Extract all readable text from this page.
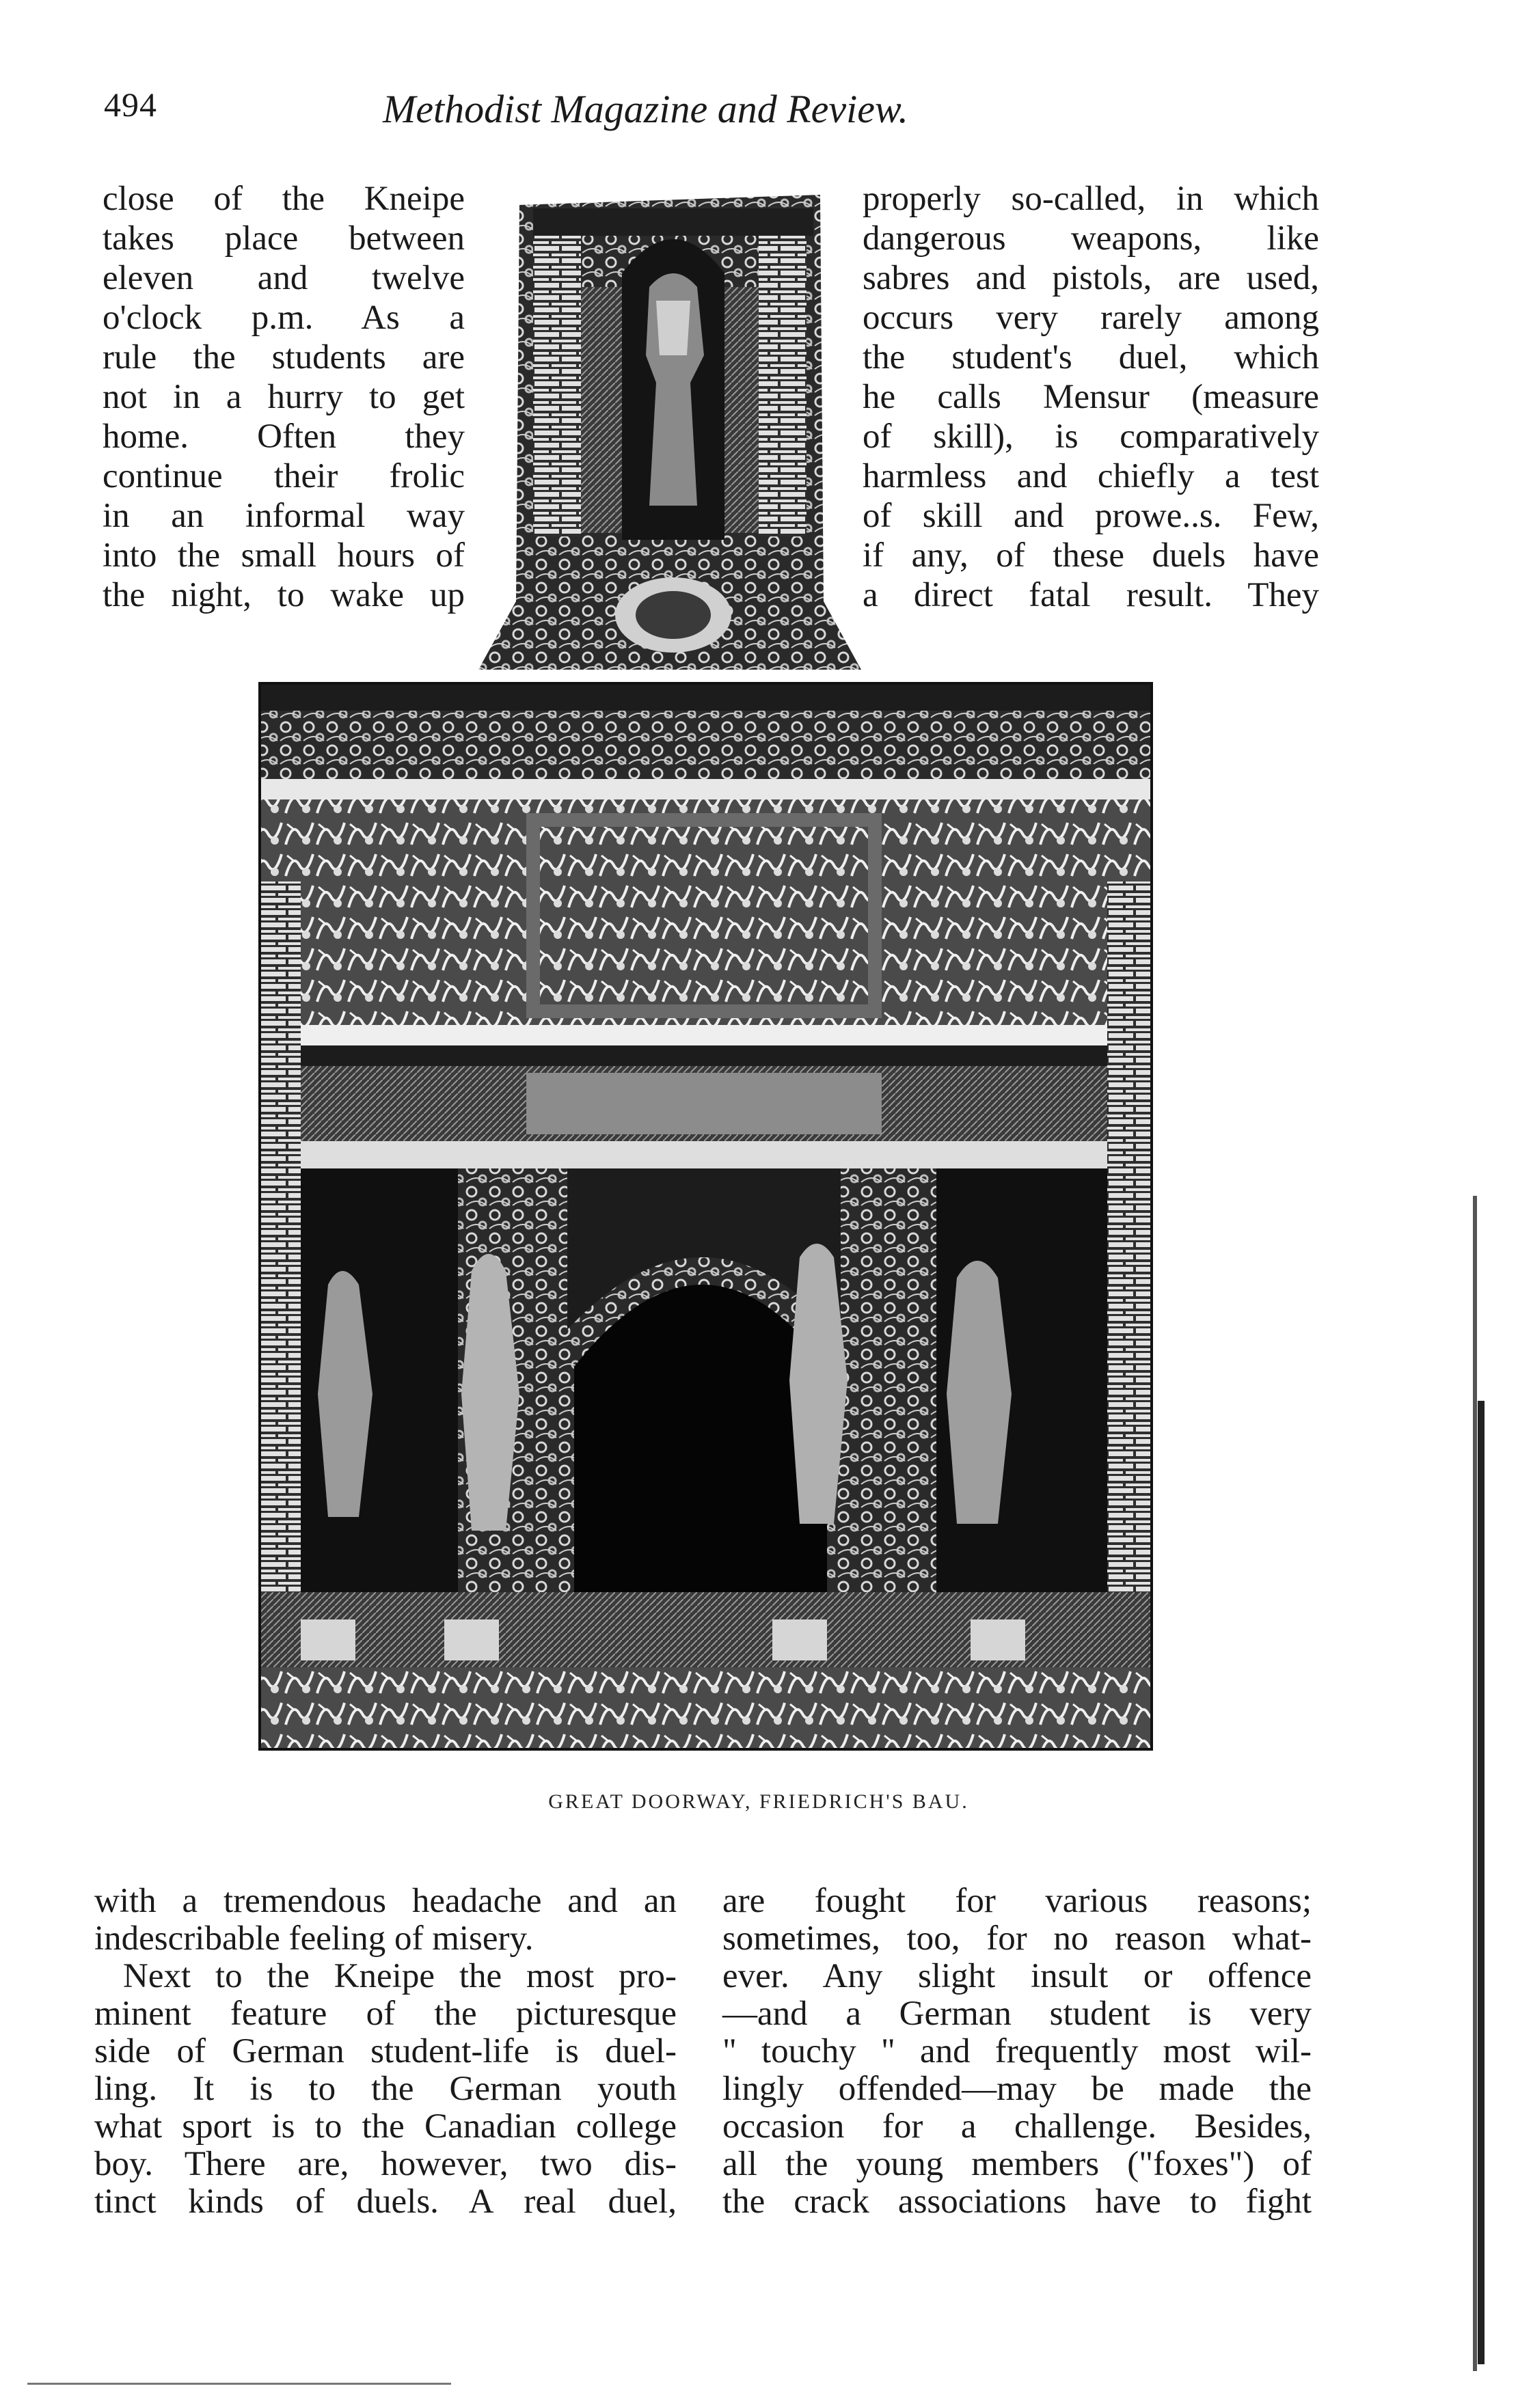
494	Methodist Magazine and Review.
close of the Kneipe
takes place between
eleven and twelve
o'clock p.m. As a
rule the students are
not in a hurry to get
home. Often they
continue their frolic
in an informal way
into the small hours of
the night, to wake up
properly so-called, in which
dangerous weapons, like
sabres and pistols, are used,
occurs very rarely among
the student's duel, which
he calls Mensur (measure
of skill), is comparatively
harmless and chiefly a test
of skill and prowe..s. Few,
if any, of these duels have
a direct fatal result. They
GREAT DOORWAY, FRIEDRICH'S BAU.
with a tremendous headache and an
indescribable feeling of misery.
Next to the Kneipe the most pro-
minent feature of the picturesque
side of German student-life is duel-
ling. It is to the German youth
what sport is to the Canadian college
boy. There are, however, two dis-
tinct kinds of duels. A real duel,
are fought for various reasons;
sometimes, too, for no reason what-
ever. Any slight insult or offence
—and a German student is very
" touchy " and frequently most wil-
lingly offended—may be made the
occasion for a challenge. Besides,
all the young members ("foxes") of
the crack associations have to fight
